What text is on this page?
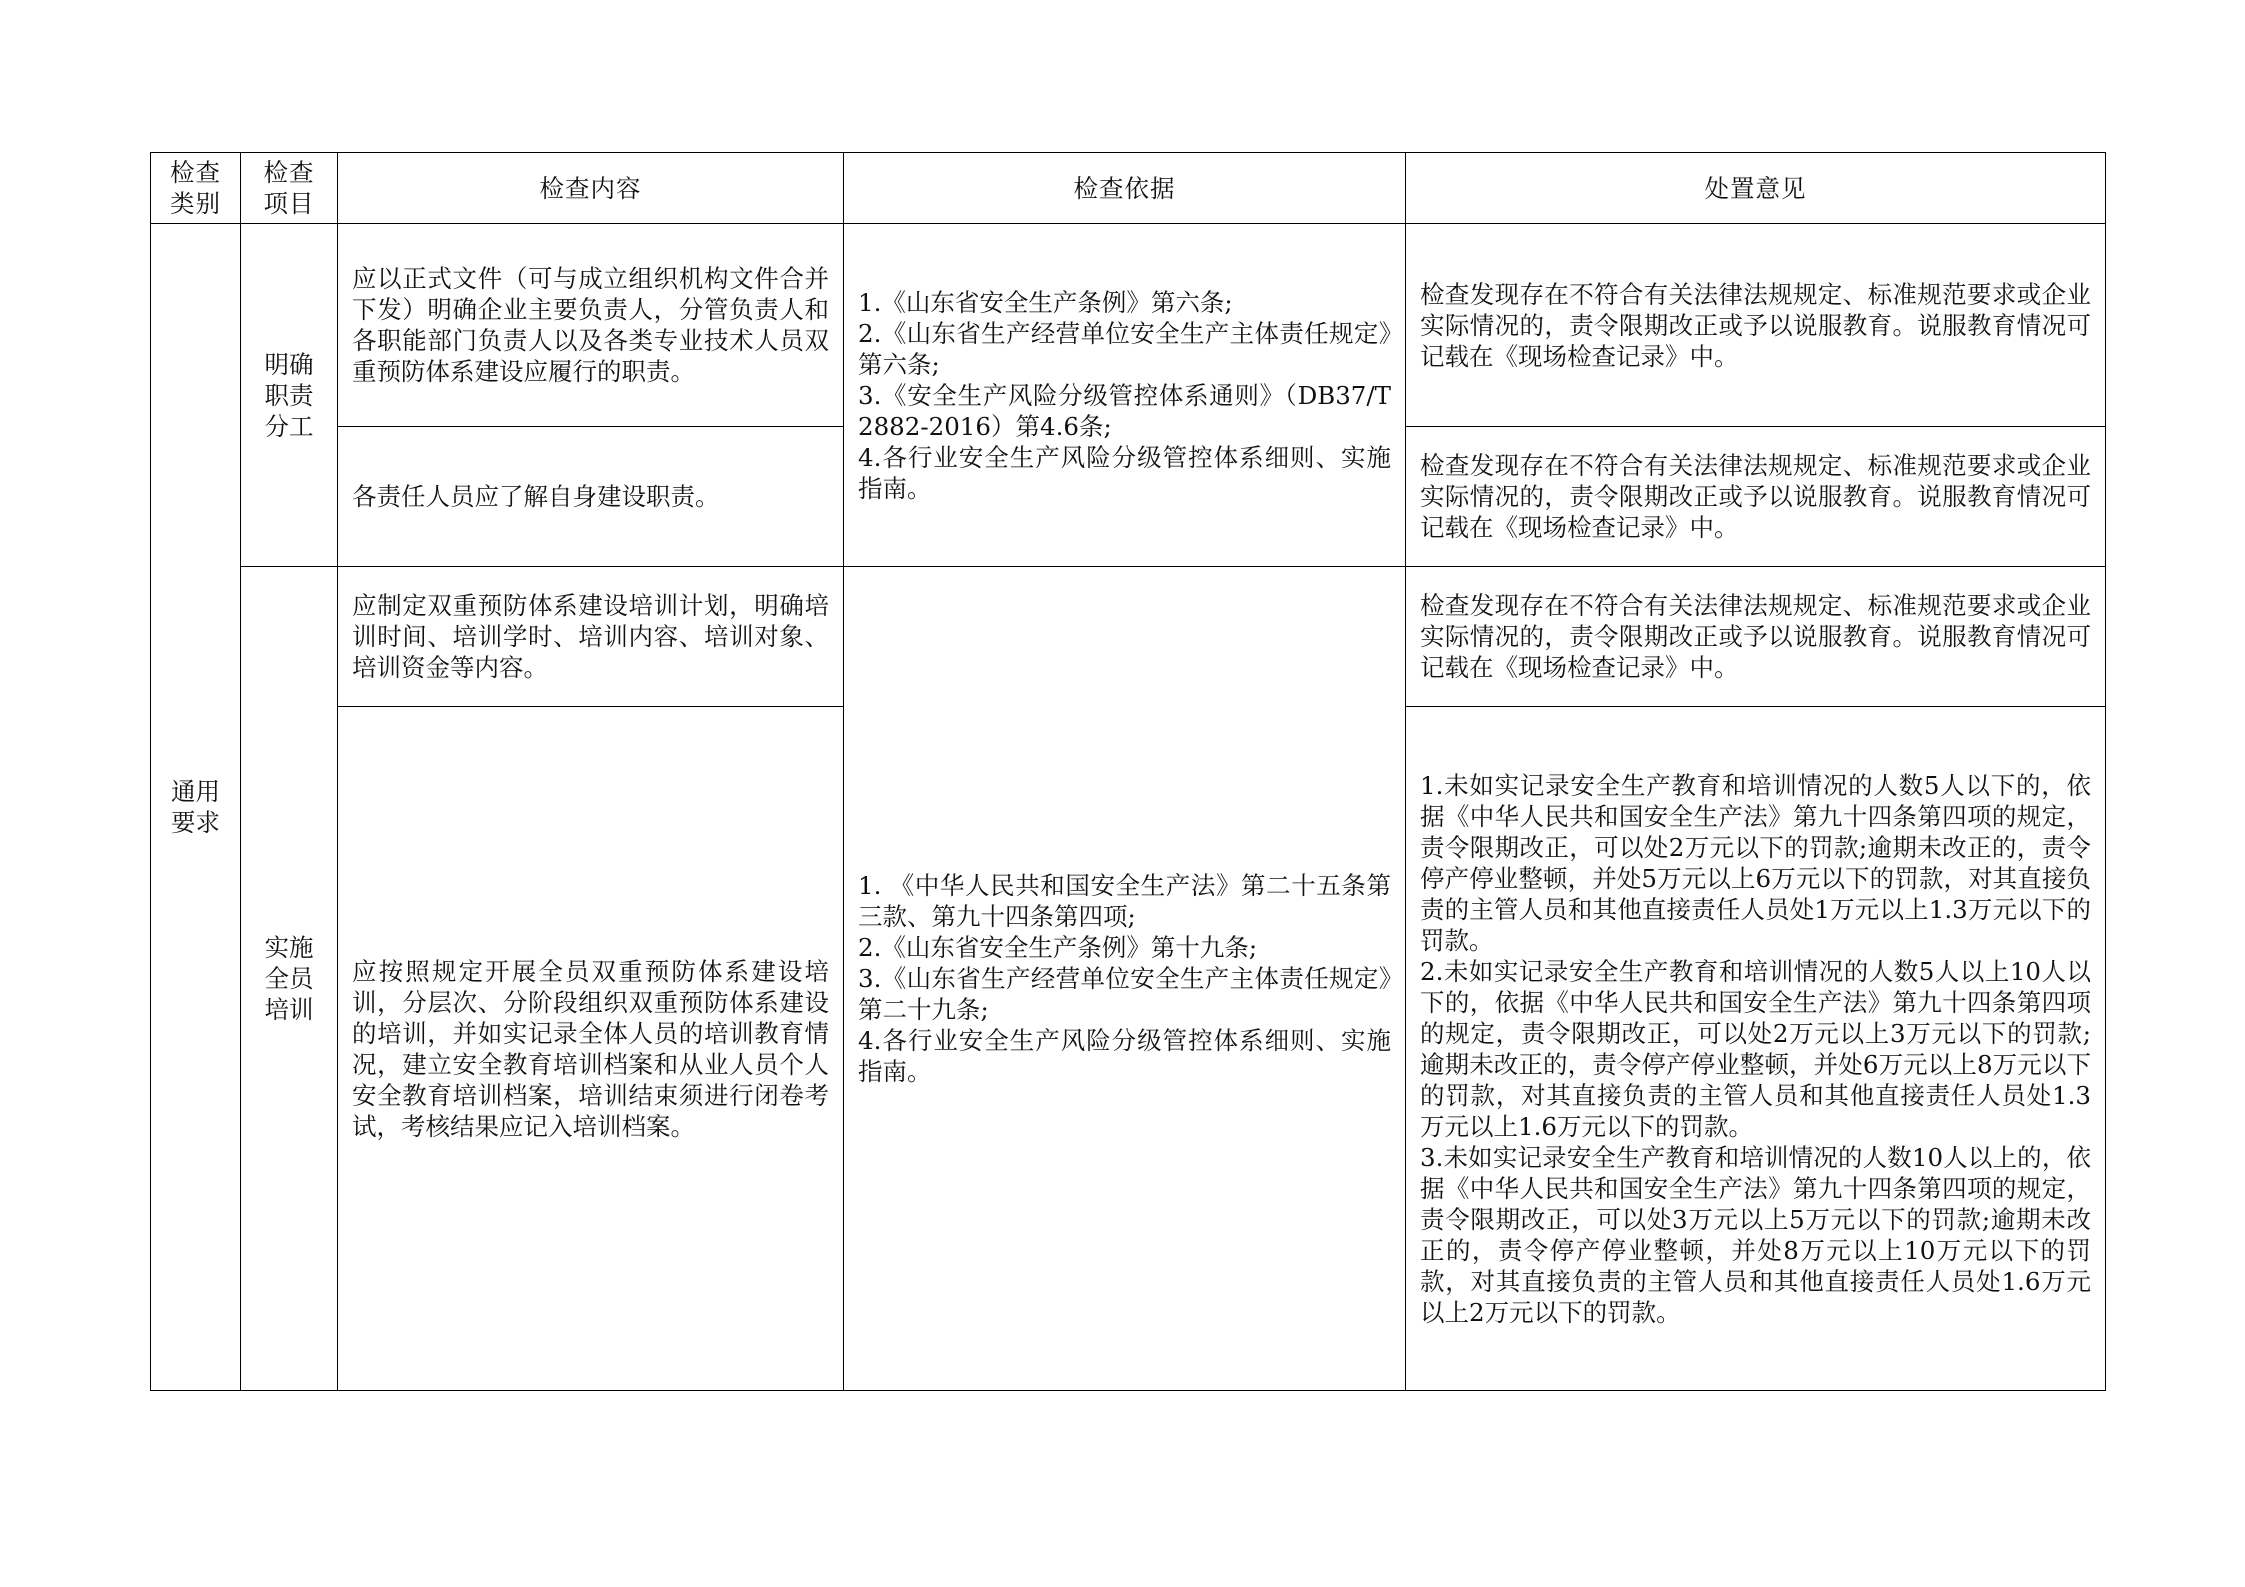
检查
类别	检查
项目	检查内容	检查依据	处置意见

通用
要求	明确
职责
分工	应以正式文件（可与成立组织机构文件合并下发）明确企业主要负责人，分管负责人和各职能部门负责人以及各类专业技术人员双重预防体系建设应履行的职责。	1.《山东省安全生产条例》第六条;
2.《山东省生产经营单位安全生产主体责任规定》第六条;
3.《安全生产风险分级管控体系通则》（DB37/T 2882-2016）第4.6条;
4.各行业安全生产风险分级管控体系细则、实施指南。	检查发现存在不符合有关法律法规规定、标准规范要求或企业实际情况的，责令限期改正或予以说服教育。说服教育情况可记载在《现场检查记录》中。
		各责任人员应了解自身建设职责。		检查发现存在不符合有关法律法规规定、标准规范要求或企业实际情况的，责令限期改正或予以说服教育。说服教育情况可记载在《现场检查记录》中。

	实施
全员
培训	应制定双重预防体系建设培训计划，明确培训时间、培训学时、培训内容、培训对象、培训资金等内容。	1. 《中华人民共和国安全生产法》第二十五条第三款、第九十四条第四项;
2.《山东省安全生产条例》第十九条;
3.《山东省生产经营单位安全生产主体责任规定》第二十九条;
4.各行业安全生产风险分级管控体系细则、实施指南。	检查发现存在不符合有关法律法规规定、标准规范要求或企业实际情况的，责令限期改正或予以说服教育。说服教育情况可记载在《现场检查记录》中。
		应按照规定开展全员双重预防体系建设培训，分层次、分阶段组织双重预防体系建设的培训，并如实记录全体人员的培训教育情况，建立安全教育培训档案和从业人员个人安全教育培训档案，培训结束须进行闭卷考试，考核结果应记入培训档案。		1.未如实记录安全生产教育和培训情况的人数5人以下的，依据《中华人民共和国安全生产法》第九十四条第四项的规定，责令限期改正，可以处2万元以下的罚款;逾期未改正的，责令停产停业整顿，并处5万元以上6万元以下的罚款，对其直接负责的主管人员和其他直接责任人员处1万元以上1.3万元以下的罚款。
2.未如实记录安全生产教育和培训情况的人数5人以上10人以下的，依据《中华人民共和国安全生产法》第九十四条第四项的规定，责令限期改正，可以处2万元以上3万元以下的罚款;逾期未改正的，责令停产停业整顿，并处6万元以上8万元以下的罚款，对其直接负责的主管人员和其他直接责任人员处1.3万元以上1.6万元以下的罚款。
3.未如实记录安全生产教育和培训情况的人数10人以上的，依据《中华人民共和国安全生产法》第九十四条第四项的规定，责令限期改正，可以处3万元以上5万元以下的罚款;逾期未改正的，责令停产停业整顿，并处8万元以上10万元以下的罚款，对其直接负责的主管人员和其他直接责任人员处1.6万元以上2万元以下的罚款。
